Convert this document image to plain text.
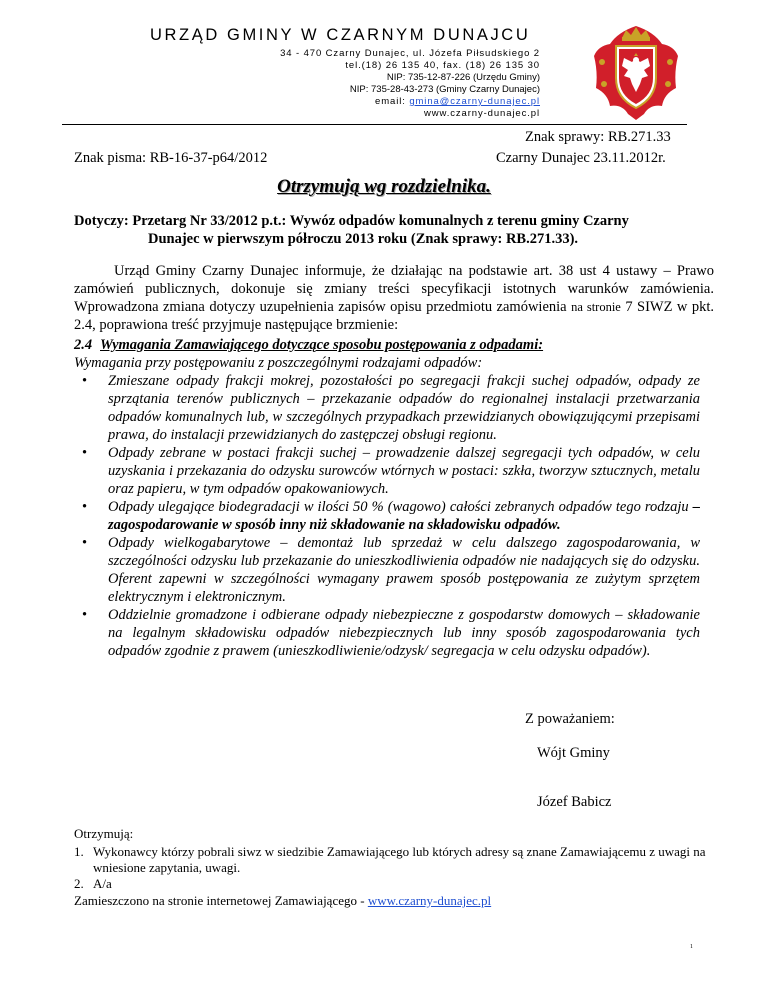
URZĄD GMINY W CZARNYM DUNAJCU
34 - 470 Czarny Dunajec, ul. Józefa Piłsudskiego 2
tel.(18) 26 135 40, fax. (18) 26 135 30
NIP: 735-12-87-226 (Urzędu Gminy)
NIP: 735-28-43-273 (Gminy Czarny Dunajec)
email: gmina@czarny-dunajec.pl
www.czarny-dunajec.pl
Znak sprawy: RB.271.33
Znak pisma: RB-16-37-p64/2012	Czarny Dunajec 23.11.2012r.
Otrzymują wg rozdzielnika.
Dotyczy: Przetarg Nr 33/2012 p.t.: Wywóz odpadów komunalnych z terenu gminy Czarny
Dunajec w pierwszym półroczu 2013 roku (Znak sprawy: RB.271.33).
Urząd Gminy Czarny Dunajec informuje, że działając na podstawie art. 38 ust 4 ustawy – Prawo zamówień publicznych, dokonuje się zmiany treści specyfikacji istotnych warunków zamówienia. Wprowadzona zmiana dotyczy uzupełnienia zapisów opisu przedmiotu zamówienia na stronie 7 SIWZ w pkt. 2.4, poprawiona treść przyjmuje następujące brzmienie:
2.4 Wymagania Zamawiającego dotyczące sposobu postępowania z odpadami:
Wymagania przy postępowaniu z poszczególnymi rodzajami odpadów:
• Zmieszane odpady frakcji mokrej, pozostałości po segregacji frakcji suchej odpadów, odpady ze sprzątania terenów publicznych – przekazanie odpadów do regionalnej instalacji przetwarzania odpadów komunalnych lub, w szczególnych przypadkach przewidzianych obowiązującymi przepisami prawa, do instalacji przewidzianych do zastępczej obsługi regionu.
• Odpady zebrane w postaci frakcji suchej – prowadzenie dalszej segregacji tych odpadów, w celu uzyskania i przekazania do odzysku surowców wtórnych w postaci: szkła, tworzyw sztucznych, metalu oraz papieru, w tym odpadów opakowaniowych.
• Odpady ulegające biodegradacji w ilości 50 % (wagowo) całości zebranych odpadów tego rodzaju – zagospodarowanie w sposób inny niż składowanie na składowisku odpadów.
• Odpady wielkogabarytowe – demontaż lub sprzedaż w celu dalszego zagospodarowania, w szczególności odzysku lub przekazanie do unieszkodliwienia odpadów nie nadających się do odzysku. Oferent zapewni w szczególności wymagany prawem sposób postępowania ze zużytym sprzętem elektrycznym i elektronicznym.
• Oddzielnie gromadzone i odbierane odpady niebezpieczne z gospodarstw domowych – składowanie na legalnym składowisku odpadów niebezpiecznych lub inny sposób zagospodarowania tych odpadów zgodnie z prawem (unieszkodliwienie/odzysk/ segregacja w celu odzysku odpadów).
Z poważaniem:
Wójt Gminy
Józef Babicz
Otrzymują:
1. Wykonawcy którzy pobrali siwz w siedzibie Zamawiającego lub których adresy są znane Zamawiającemu z uwagi na wniesione zapytania, uwagi.
2. A/a
Zamieszczono na stronie internetowej Zamawiającego - www.czarny-dunajec.pl
1
